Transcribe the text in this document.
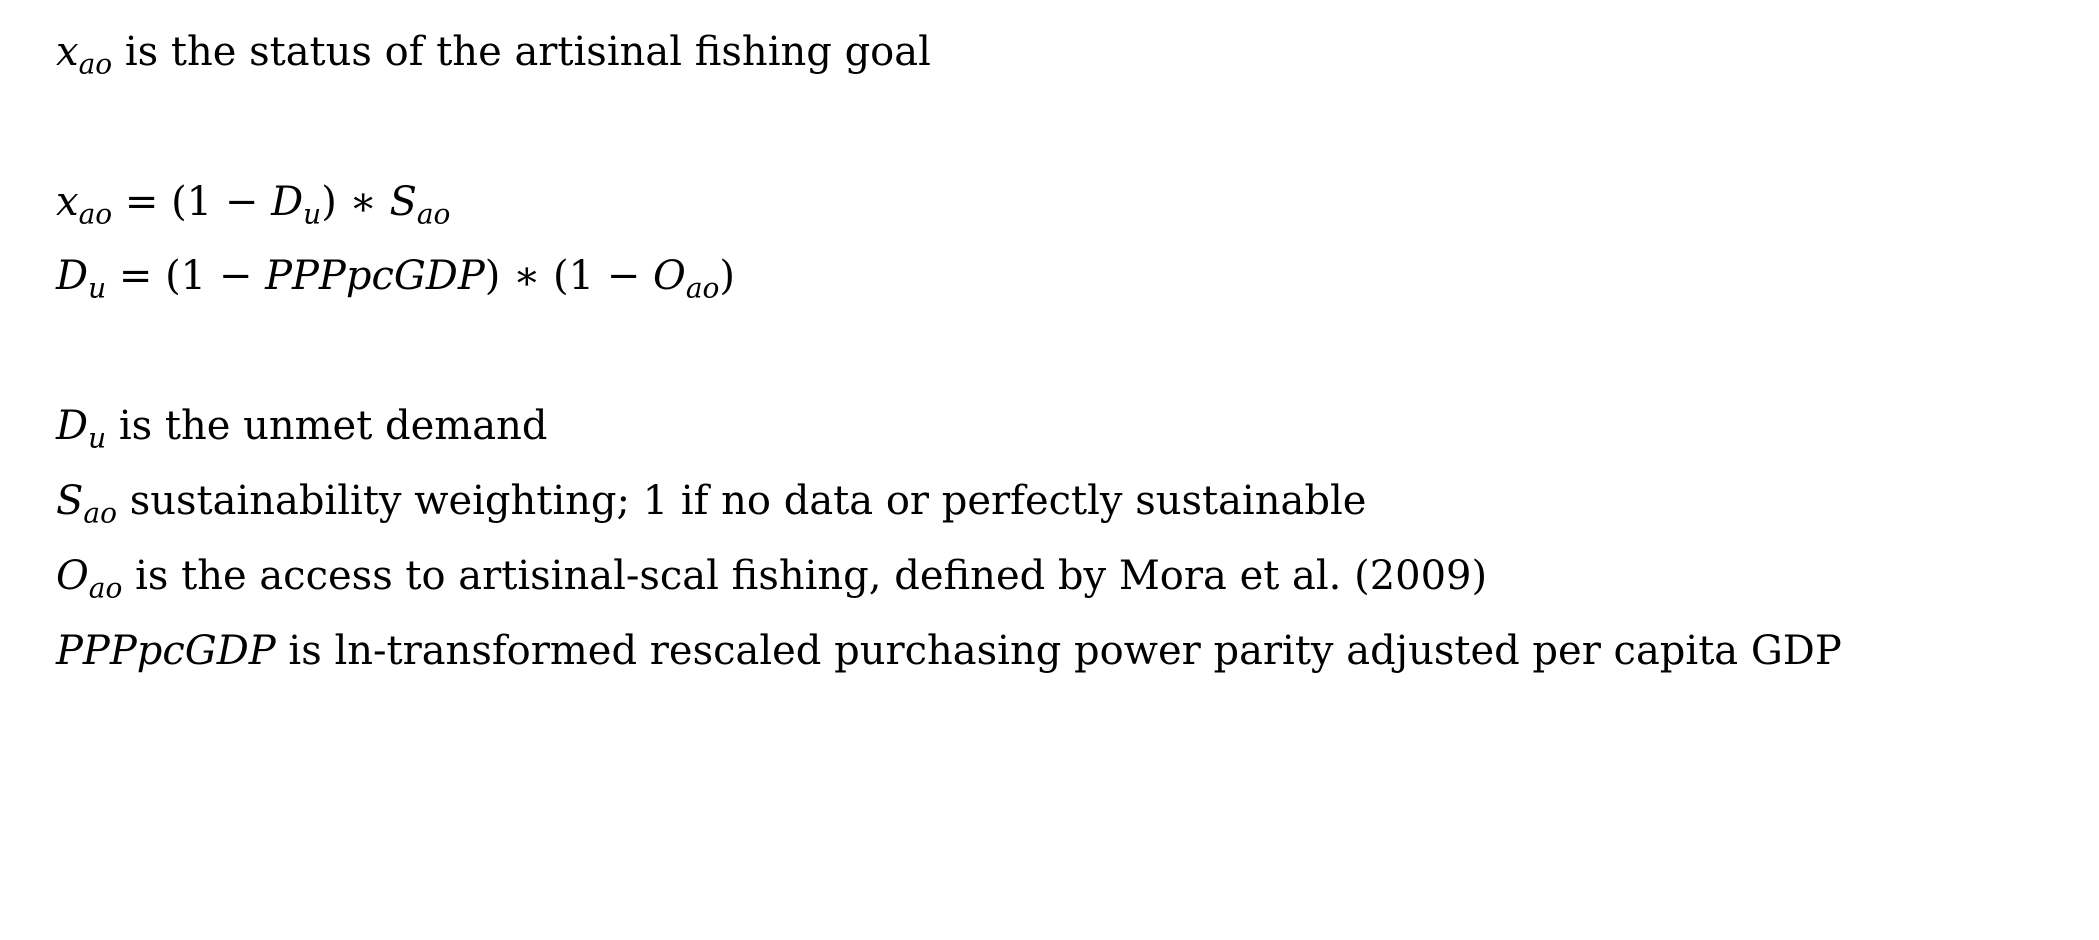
$x_{ao}$ is the status of the artisinal fishing goal
$x_{ao} = (1 - D_u)$ ∗ $S_{ao}$
$D_u = (1$ − PPPpcGDP) ∗ $(1 - O_{ao})$
$D_u$ is the unmet demand
$S_{ao}$ sustainability weighting; 1 if no data or perfectly sustainable
$O_{ao}$ is the access to artisinal-scal fishing, defined by Mora et al. (2009)
PPPpcGDP is ln-transformed rescaled purchasing power parity adjusted per capita GDP
